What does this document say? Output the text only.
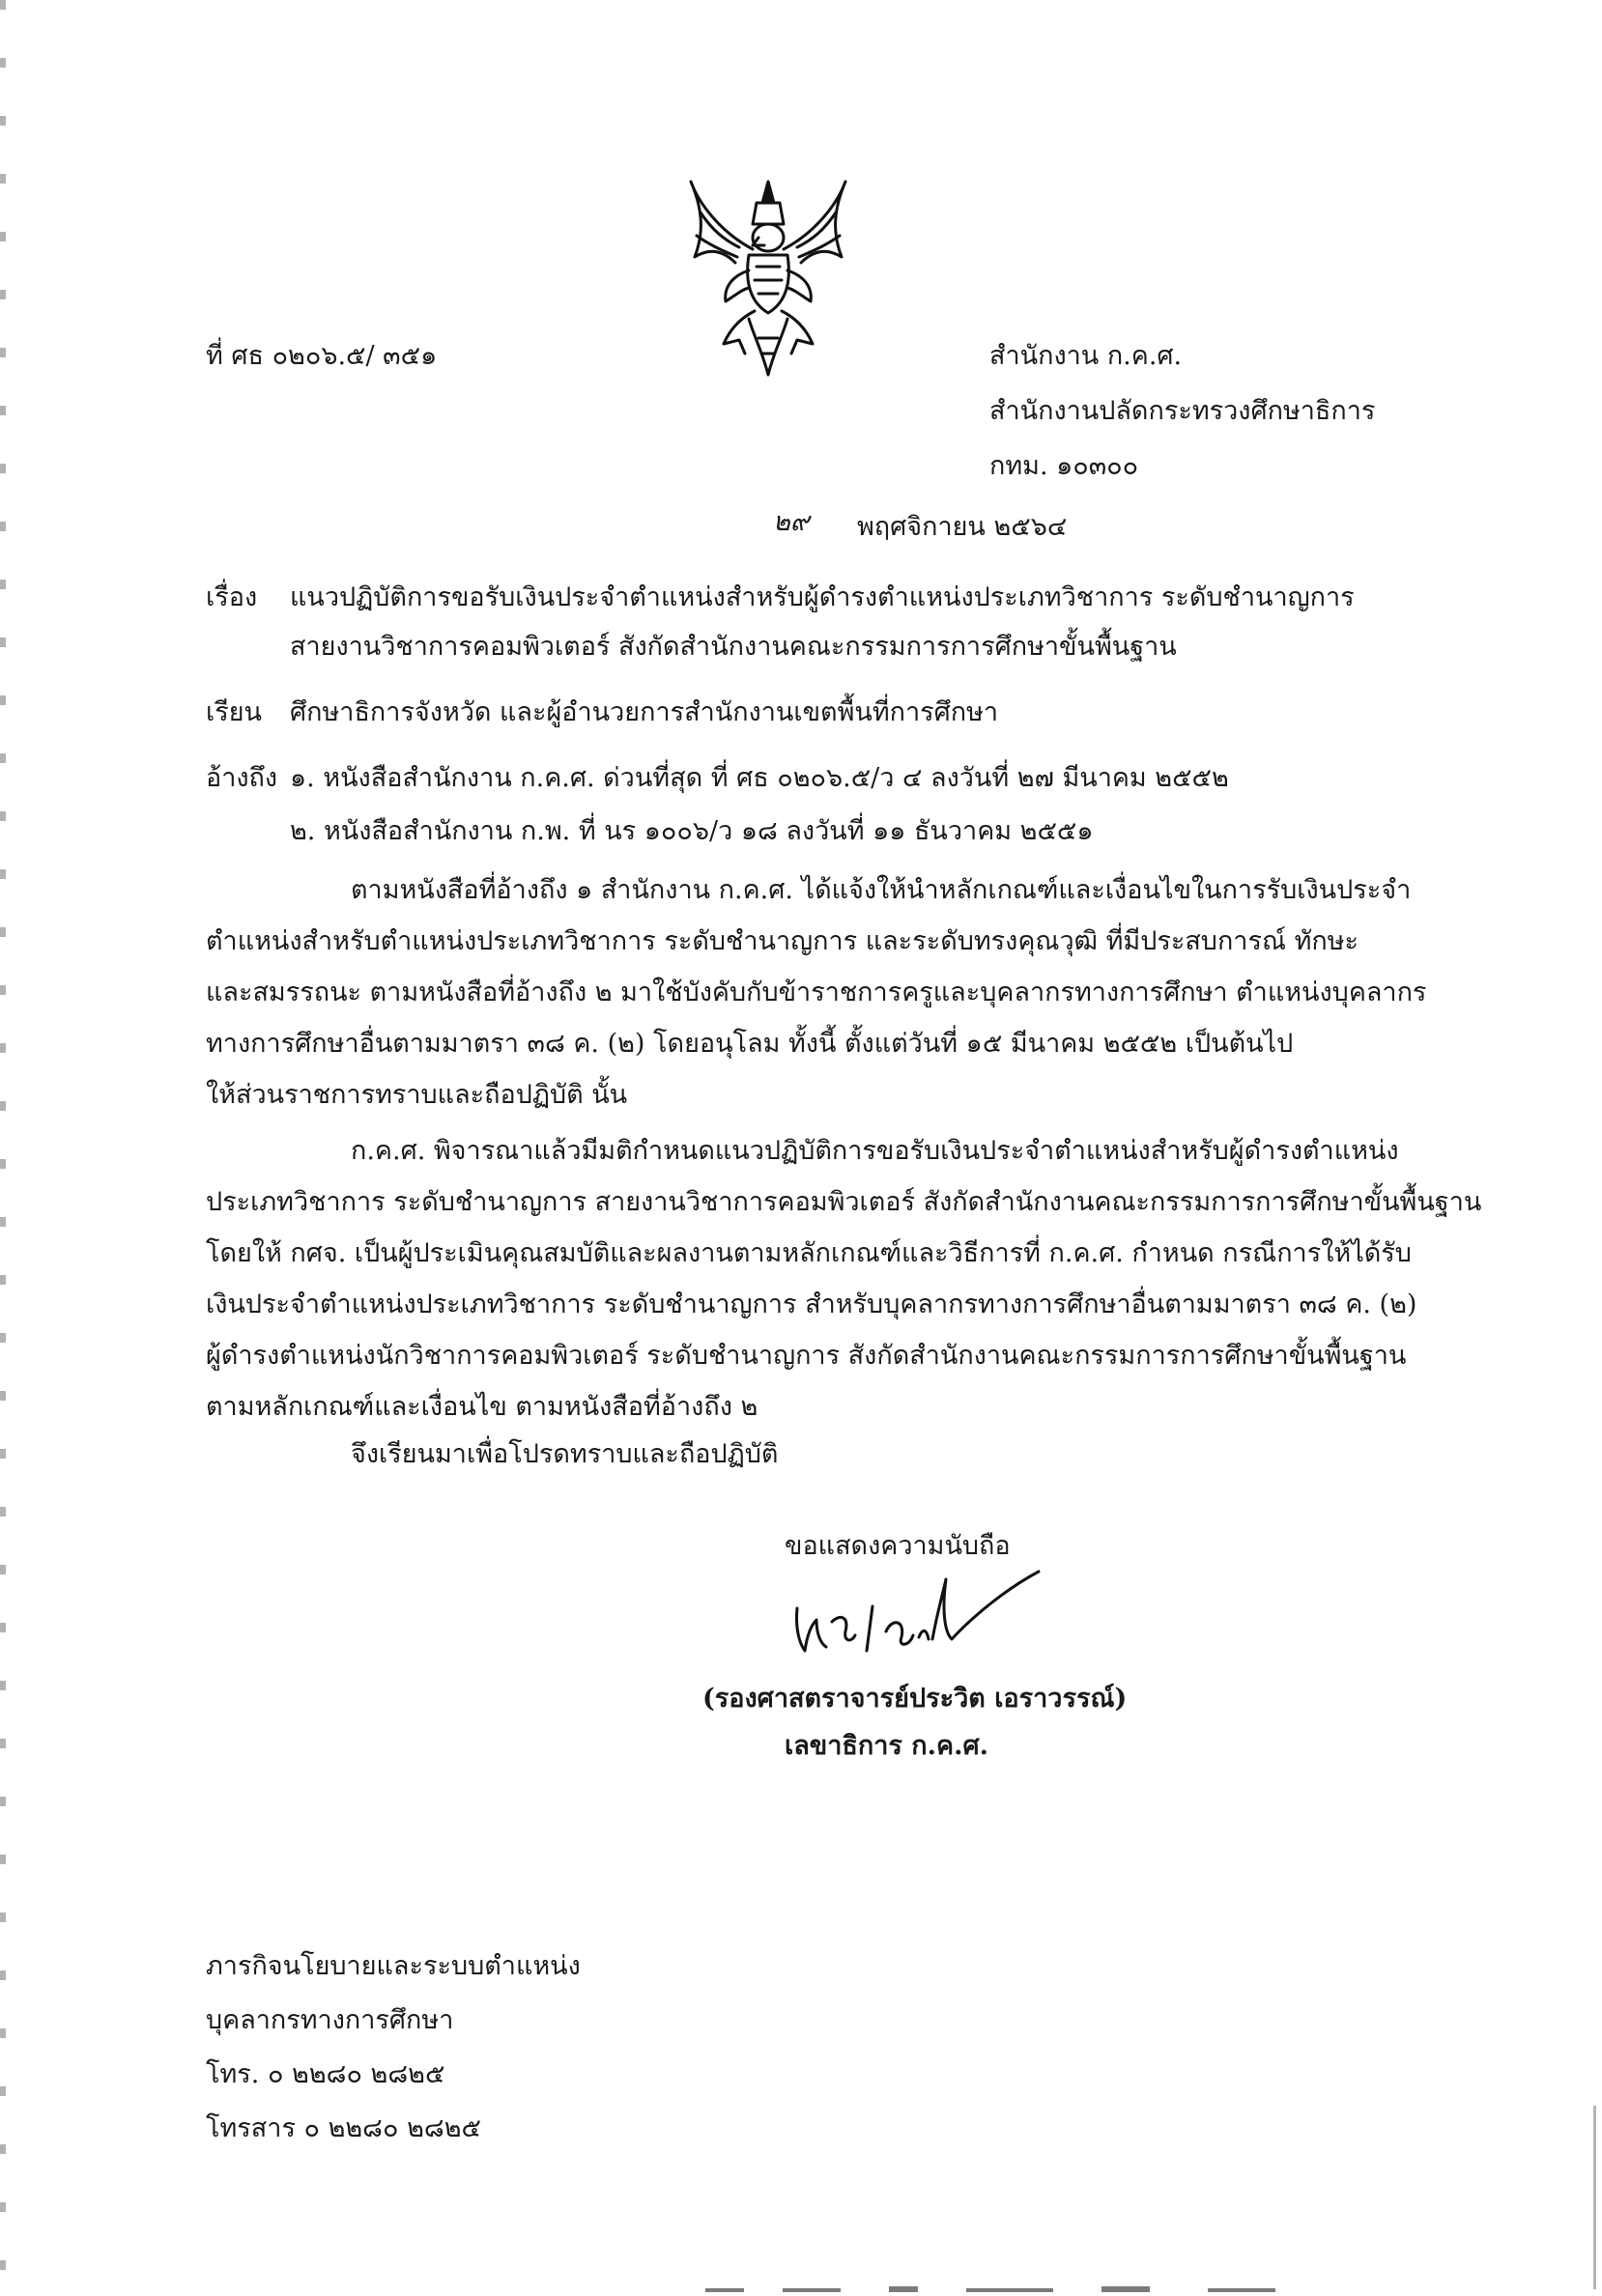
ที่ ศธ ๐๒๐๖.๕/ ๓๕๑	สำนักงาน ก.ค.ศ.
สำนักงานปลัดกระทรวงศึกษาธิการ
กทม. ๑๐๓๐๐
๒๙ พฤศจิกายน ๒๕๖๔
เรื่อง แนวปฏิบัติการขอรับเงินประจำตำแหน่งสำหรับผู้ดำรงตำแหน่งประเภทวิชาการ ระดับชำนาญการ
สายงานวิชาการคอมพิวเตอร์ สังกัดสำนักงานคณะกรรมการการศึกษาขั้นพื้นฐาน
เรียน ศึกษาธิการจังหวัด และผู้อำนวยการสำนักงานเขตพื้นที่การศึกษา
อ้างถึง ๑. หนังสือสำนักงาน ก.ค.ศ. ด่วนที่สุด ที่ ศธ ๐๒๐๖.๕/ว ๔ ลงวันที่ ๒๗ มีนาคม ๒๕๕๒
๒. หนังสือสำนักงาน ก.พ. ที่ นร ๑๐๐๖/ว ๑๘ ลงวันที่ ๑๑ ธันวาคม ๒๕๕๑
ตามหนังสือที่อ้างถึง ๑ สำนักงาน ก.ค.ศ. ได้แจ้งให้นำหลักเกณฑ์และเงื่อนไขในการรับเงินประจำ
ตำแหน่งสำหรับตำแหน่งประเภทวิชาการ ระดับชำนาญการ และระดับทรงคุณวุฒิ ที่มีประสบการณ์ ทักษะ
และสมรรถนะ ตามหนังสือที่อ้างถึง ๒ มาใช้บังคับกับข้าราชการครูและบุคลากรทางการศึกษา ตำแหน่งบุคลากร
ทางการศึกษาอื่นตามมาตรา ๓๘ ค. (๒) โดยอนุโลม ทั้งนี้ ตั้งแต่วันที่ ๑๕ มีนาคม ๒๕๕๒ เป็นต้นไป
ให้ส่วนราชการทราบและถือปฏิบัติ นั้น
ก.ค.ศ. พิจารณาแล้วมีมติกำหนดแนวปฏิบัติการขอรับเงินประจำตำแหน่งสำหรับผู้ดำรงตำแหน่ง
ประเภทวิชาการ ระดับชำนาญการ สายงานวิชาการคอมพิวเตอร์ สังกัดสำนักงานคณะกรรมการการศึกษาขั้นพื้นฐาน
โดยให้ กศจ. เป็นผู้ประเมินคุณสมบัติและผลงานตามหลักเกณฑ์และวิธีการที่ ก.ค.ศ. กำหนด กรณีการให้ได้รับ
เงินประจำตำแหน่งประเภทวิชาการ ระดับชำนาญการ สำหรับบุคลากรทางการศึกษาอื่นตามมาตรา ๓๘ ค. (๒)
ผู้ดำรงตำแหน่งนักวิชาการคอมพิวเตอร์ ระดับชำนาญการ สังกัดสำนักงานคณะกรรมการการศึกษาขั้นพื้นฐาน
ตามหลักเกณฑ์และเงื่อนไข ตามหนังสือที่อ้างถึง ๒
จึงเรียนมาเพื่อโปรดทราบและถือปฏิบัติ
ขอแสดงความนับถือ
(รองศาสตราจารย์ประวิต เอราวรรณ์)
เลขาธิการ ก.ค.ศ.
ภารกิจนโยบายและระบบตำแหน่ง
บุคลากรทางการศึกษา
โทร. ๐ ๒๒๘๐ ๒๘๒๕
โทรสาร ๐ ๒๒๘๐ ๒๘๒๕
